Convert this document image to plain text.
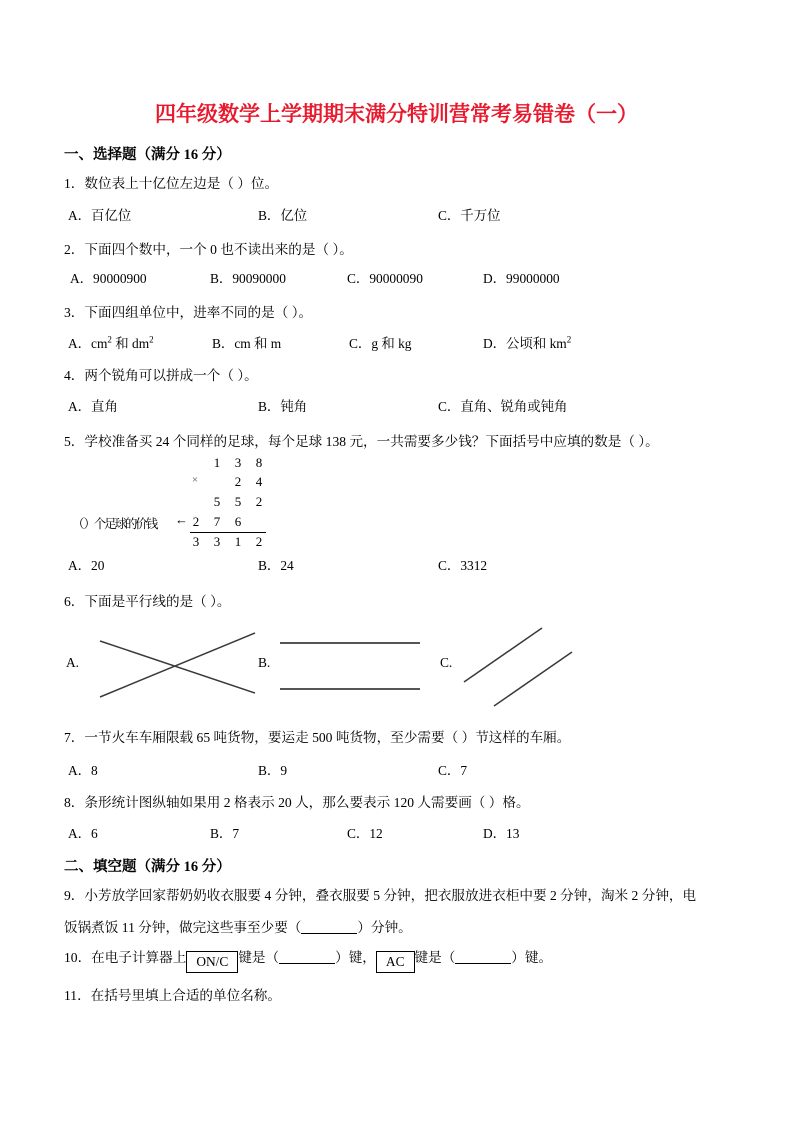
四年级数学上学期期末满分特训营常考易错卷（一）
一、选择题（满分 16 分）
1．数位表上十亿位左边是（ ）位。
A．百亿位	B．亿位	C．千万位
2．下面四个数中，一个 0 也不读出来的是（ ）。
A．90000900	B．90090000	C．90000090	D．99000000
3．下面四组单位中，进率不同的是（ ）。
A．$cm^2$ 和 $dm^2$	B．cm 和 m	C．g 和 kg	D．公顷和 $km^2$
4．两个锐角可以拼成一个（ ）。
A．直角	B．钝角	C．直角、锐角或钝角
5．学校准备买 24 个同样的足球，每个足球 138 元，一共需要多少钱？下面括号中应填的数是（ ）。
1 3 8
×	2 4
5 5 2
2 7 6
3 3 1 2
（ ）个足球的价钱 ←
A．20	B．24	C．3312
6．下面是平行线的是（ ）。
A.	B.	C.
7．一节火车车厢限载 65 吨货物，要运走 500 吨货物，至少需要（ ）节这样的车厢。
A．8	B．9	C．7
8．条形统计图纵轴如果用 2 格表示 20 人，那么要表示 120 人需要画（ ）格。
A．6	B．7	C．12	D．13
二、填空题（满分 16 分）
9．小芳放学回家帮奶奶收衣服要 4 分钟，叠衣服要 5 分钟，把衣服放进衣柜中要 2 分钟，淘米 2 分钟，电
饭锅煮饭 11 分钟，做完这些事至少要（	）分钟。
10．在电子计算器上 ON/C 键是（	）键， AC 键是（	）键。
11．在括号里填上合适的单位名称。
